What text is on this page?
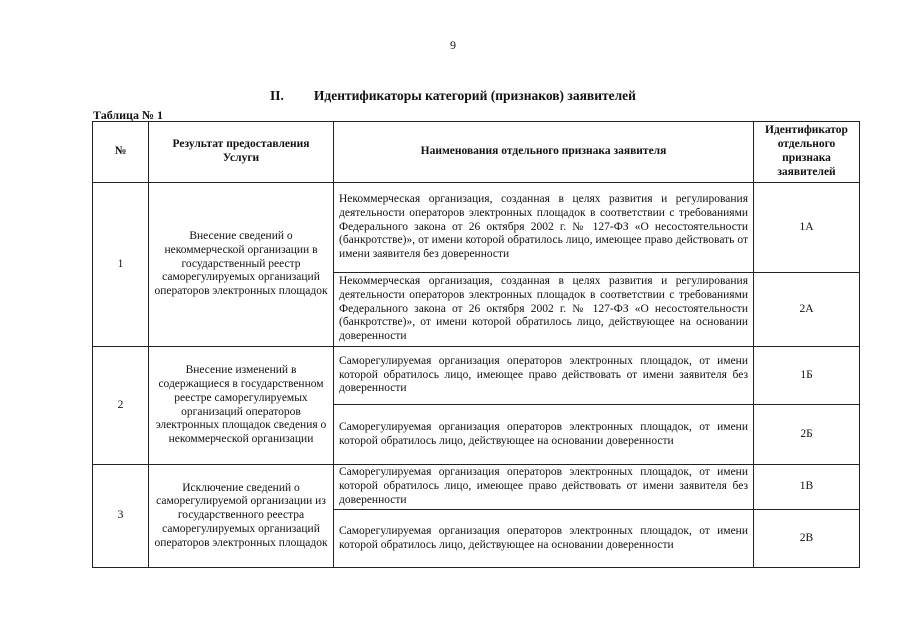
9
II. Идентификаторы категорий (признаков) заявителей
Таблица № 1
№	Результат предоставления Услуги	Наименования отдельного признака заявителя	Идентификатор отдельного признака заявителей
1	Внесение сведений о некоммерческой организации в государственный реестр саморегулируемых организаций операторов электронных площадок	Некоммерческая организация, созданная в целях развития и регулирования деятельности операторов электронных площадок в соответствии с требованиями Федерального закона от 26 октября 2002 г. № 127-ФЗ «О несостоятельности (банкротстве)», от имени которой обратилось лицо, имеющее право действовать от имени заявителя без доверенности	1А
		Некоммерческая организация, созданная в целях развития и регулирования деятельности операторов электронных площадок в соответствии с требованиями Федерального закона от 26 октября 2002 г. № 127-ФЗ «О несостоятельности (банкротстве)», от имени которой обратилось лицо, действующее на основании доверенности	2А
2	Внесение изменений в содержащиеся в государственном реестре саморегулируемых организаций операторов электронных площадок сведения о некоммерческой организации	Саморегулируемая организация операторов электронных площадок, от имени которой обратилось лицо, имеющее право действовать от имени заявителя без доверенности	1Б
		Саморегулируемая организация операторов электронных площадок, от имени которой обратилось лицо, действующее на основании доверенности	2Б
3	Исключение сведений о саморегулируемой организации из государственного реестра саморегулируемых организаций операторов электронных площадок	Саморегулируемая организация операторов электронных площадок, от имени которой обратилось лицо, имеющее право действовать от имени заявителя без доверенности	1В
		Саморегулируемая организация операторов электронных площадок, от имени которой обратилось лицо, действующее на основании доверенности	2В
